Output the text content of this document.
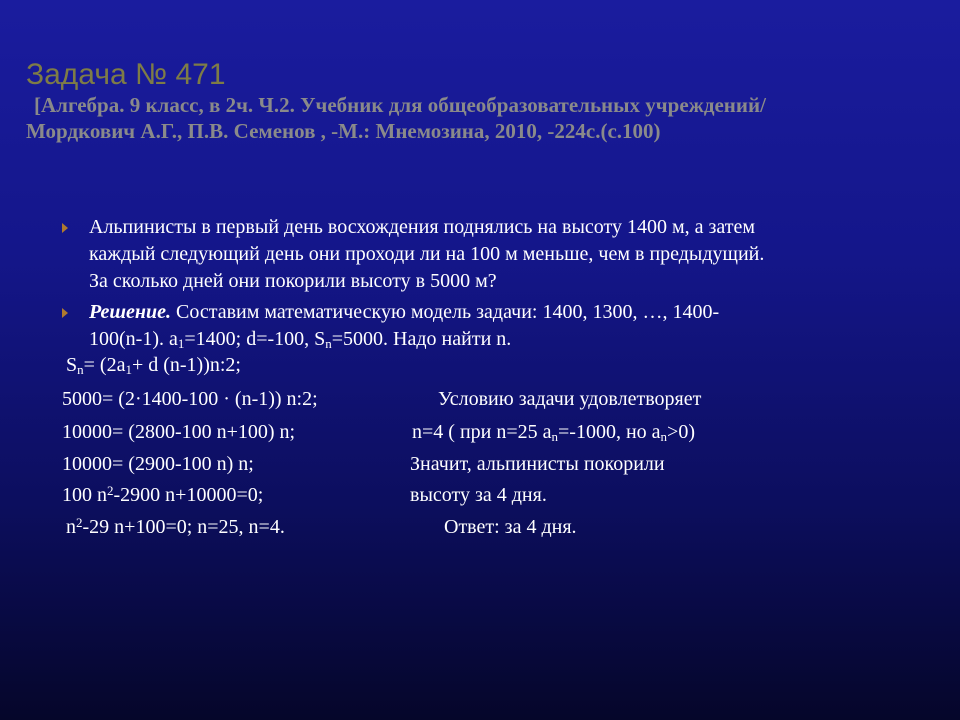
Задача № 471
[Алгебра. 9 класс, в 2ч. Ч.2. Учебник для общеобразовательных учреждений/
Мордкович А.Г., П.В. Семенов , -М.: Мнемозина, 2010, -224с.(с.100)
Альпинисты в первый день восхождения поднялись на высоту 1400 м, а затем
каждый следующий день они проходи ли на 100 м меньше, чем в предыдущий.
За сколько дней они покорили высоту в 5000 м?
Решение. Составим математическую модель задачи: 1400, 1300, …, 1400-
100(n-1). $a_1=1400$; d=-100, $S_n=5000$. Надо найти n.
$S_n= (2a_1+ d$ (n-1))n:2;
5000= (2·1400-100 · (n-1)) n:2;
10000= (2800-100 n+100) n;
10000= (2900-100 n) n;
100 $n^2-2900$ n+10000=0;
$n^2-29$ n+100=0; n=25, n=4.
Условию задачи удовлетворяет
n=4 ( при n=25 $a_n=-1000$, но $a_n>0$)
Значит, альпинисты покорили
высоту за 4 дня.
Ответ: за 4 дня.
